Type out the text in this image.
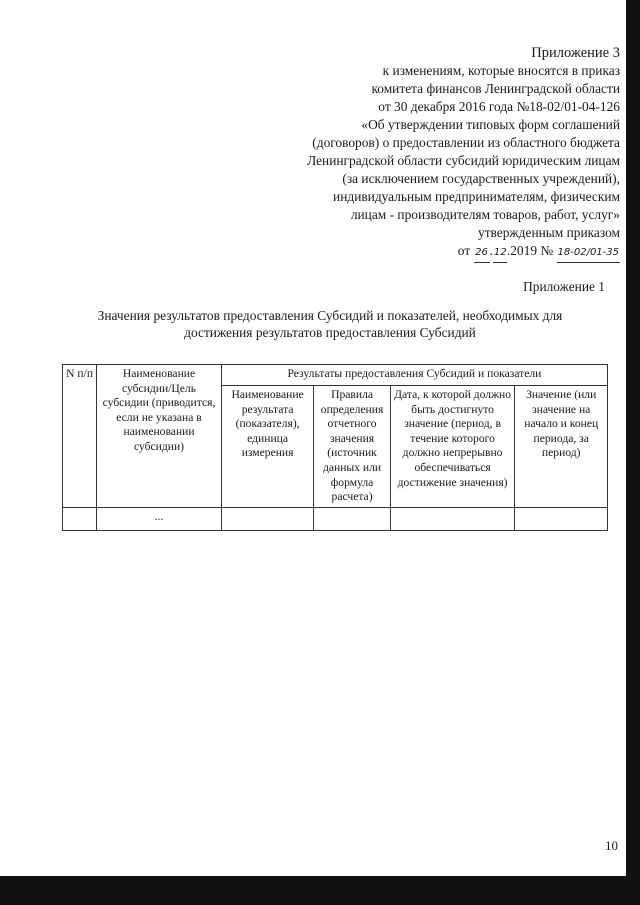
Приложение 3
к изменениям, которые вносятся в приказ
комитета финансов Ленинградской области
от 30 декабря 2016 года №18-02/01-04-126
«Об утверждении типовых форм соглашений
(договоров) о предоставлении из областного бюджета
Ленинградской области субсидий юридическим лицам
(за исключением государственных учреждений),
индивидуальным предпринимателям, физическим
лицам - производителям товаров, работ, услуг»
утвержденным приказом
от 26 .12.2019 № 18-02/01-35
Приложение 1
Значения результатов предоставления Субсидий и показателей, необходимых для достижения результатов предоставления Субсидий
N п/п	Наименование субсидии/Цель субсидии (приводится, если не указана в наименовании субсидии)	Результаты предоставления Субсидий и показатели			
		Наименование результата (показателя), единица измерения	Правила определения отчетного значения (источник данных или формула расчета)	Дата, к которой должно быть достигнуто значение (период, в течение которого должно непрерывно обеспечиваться достижение значения)	Значение (или значение на начало и конец периода, за период)
	...				
10
